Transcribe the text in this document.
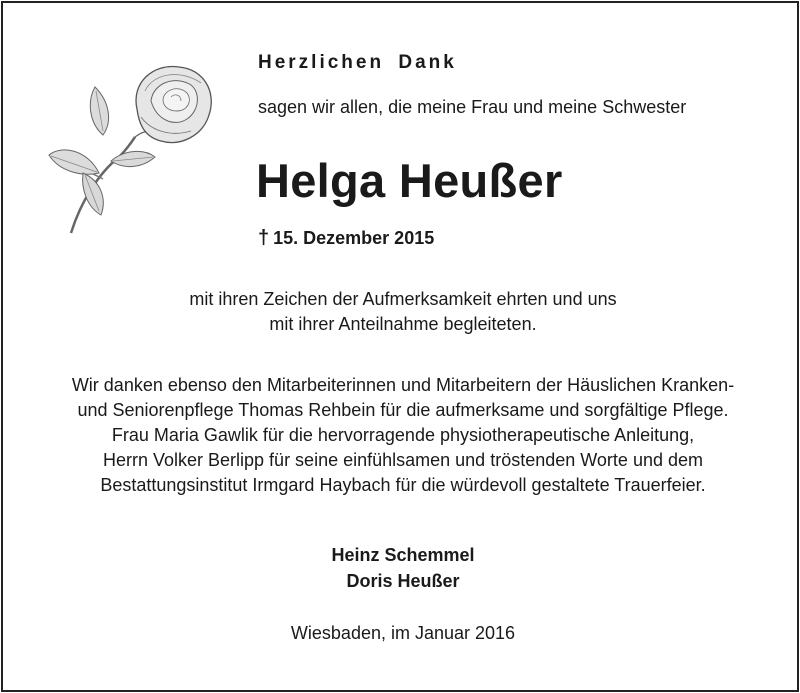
Herzlichen Dank
sagen wir allen, die meine Frau und meine Schwester
Helga Heußer
† 15. Dezember 2015
mit ihren Zeichen der Aufmerksamkeit ehrten und uns
mit ihrer Anteilnahme begleiteten.
Wir danken ebenso den Mitarbeiterinnen und Mitarbeitern der Häuslichen Kranken-
und Seniorenpflege Thomas Rehbein für die aufmerksame und sorgfältige Pflege.
Frau Maria Gawlik für die hervorragende physiotherapeutische Anleitung,
Herrn Volker Berlipp für seine einfühlsamen und tröstenden Worte und dem
Bestattungsinstitut Irmgard Haybach für die würdevoll gestaltete Trauerfeier.
Heinz Schemmel
Doris Heußer
Wiesbaden, im Januar 2016
